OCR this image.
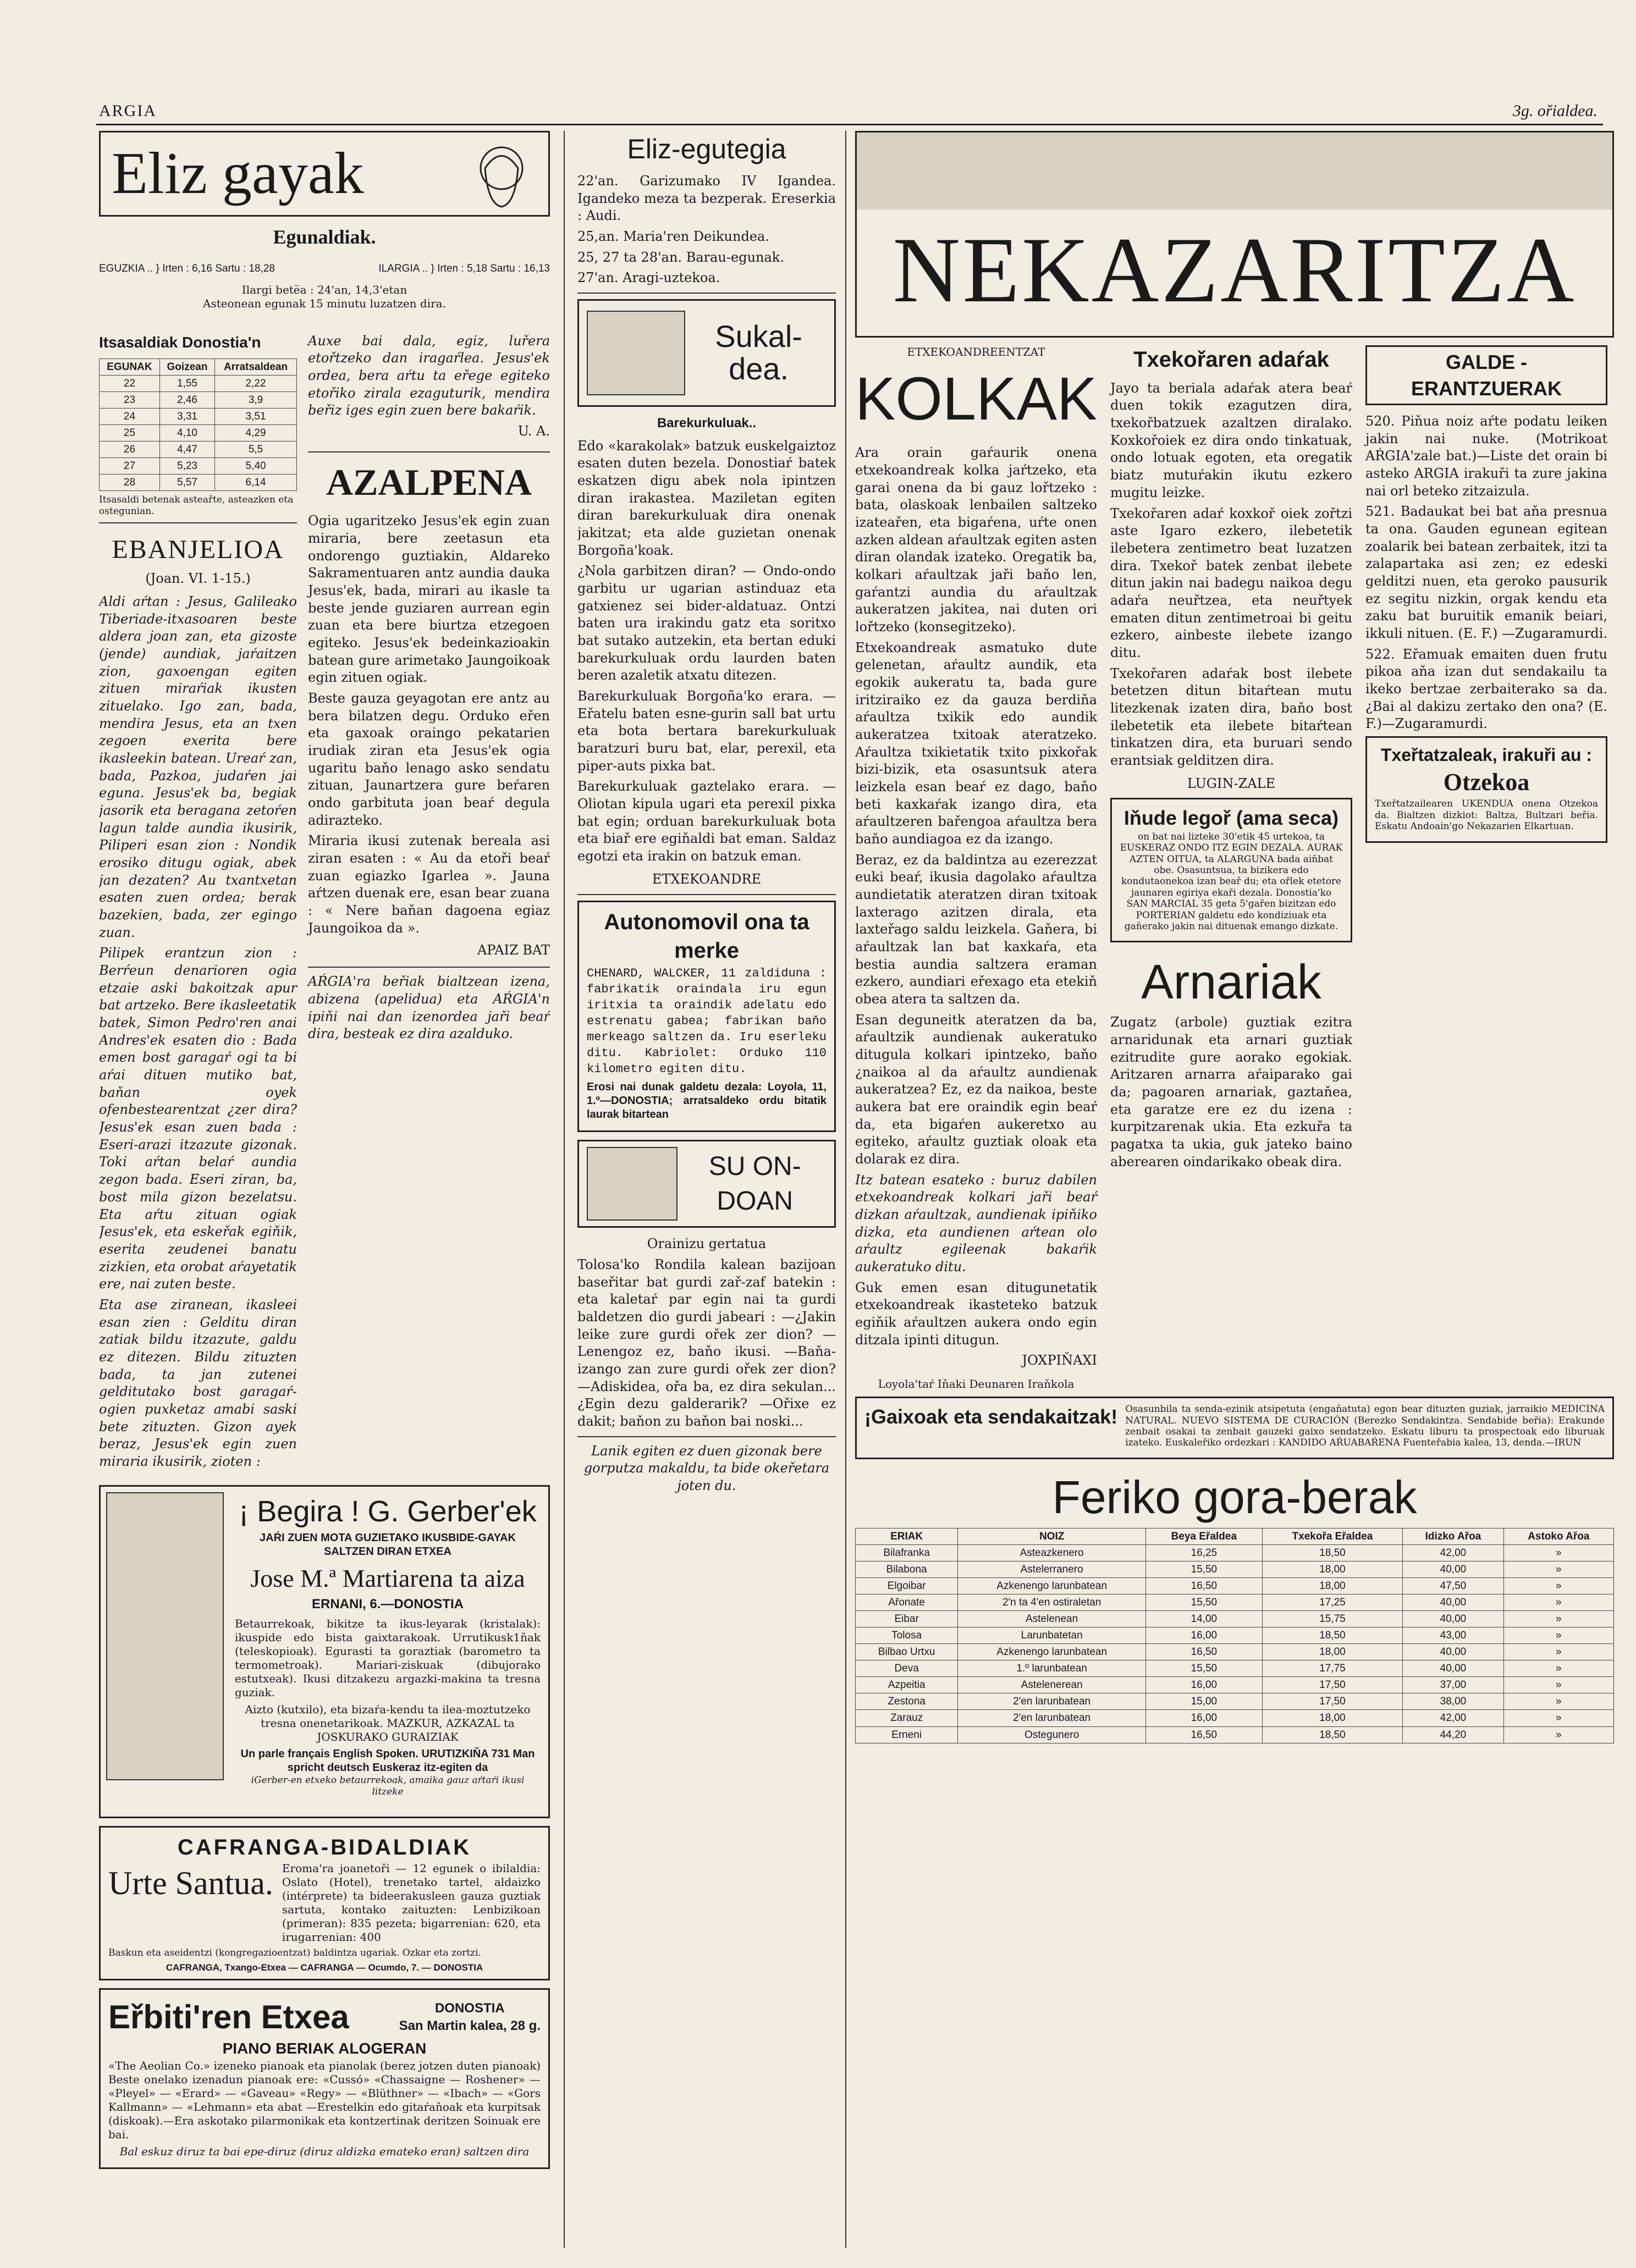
ARGIA	3g. ořialdea.
Eliz gayak
Egunaldiak.
EGUZKIA .. } Irten : 6,16 Sartu : 18,28	ILARGIA .. } Irten : 5,18 Sartu : 16,13
Ilargi bete̅a : 24'an, 14,3'etan
Asteonean egunak 15 minutu luzatzen dira.
Itsasaldiak Donostia'n
EGUNAK	Goizean	Arratsaldean
22	1,55	2,22
23	2,46	3,9
24	3,31	3,51
25	4,10	4,29
26	4,47	5,5
27	5,23	5,40
28	5,57	6,14
Itsasaldi betenak asteařte, asteazken eta ostegunian.
EBANJELIOA
(Joan. VI. 1-15.)

Aldi aŕtan : Jesus, Galileako Tiberiade-itxasoaren beste aldera joan zan, eta gizoste (jende) aundiak, jaŕaitzen zion, gaxoengan egiten zituen miraŕiak ikusten zituelako. Igo zan, bada, mendira Jesus, eta an txen zegoen exerita bere ikasleekin batean. Ureaŕ zan, bada, Pazkoa, judaŕen jai eguna. Jesus'ek ba, begiak jasorik eta beragana zetoŕen lagun talde aundia ikusirik, Piliperi esan zion : Nondik erosiko ditugu ogiak, abek jan dezaten? Au txantxetan esaten zuen ordea; berak bazekien, bada, zer egingo zuan.

Pilipek erantzun zion : Berŕeun denarioren ogia etzaie aski bakoitzak apur bat artzeko. Bere ikasleetatik batek, Simon Pedro'ren anai Andres'ek esaten dio : Bada emen bost garagaŕ ogi ta bi aŕai dituen mutiko bat, baňan oyek ofenbestearentzat ¿zer dira? Jesus'ek esan zuen bada : Eseri-arazi itzazute gizonak. Toki aŕtan belaŕ aundia zegon bada. Eseri ziran, ba, bost mila gizon bezelatsu. Eta aŕtu zituan ogiak Jesus'ek, eta eskeřak egiňik, eserita zeudenei banatu zizkien, eta orobat aŕayetatik ere, nai zuten beste.

Eta ase ziranean, ikasleei esan zien : Gelditu diran zatiak bildu itzazute, galdu ez ditezen. Bildu zituzten bada, ta jan zutenei gelditutako bost garagaŕ-ogien puxketaz amabi saski bete zituzten. Gizon ayek beraz, Jesus'ek egin zuen miraria ikusirik, zioten :

Auxe bai dala, egiz, luřera etořtzeko dan iragaŕlea. Jesus'ek ordea, bera aŕtu ta eřege egiteko etořiko zirala ezaguturik, mendira beřiz iges egin zuen bere bakaŕik.

U. A.
AZALPENA

Ogia ugaritzeko Jesus'ek egin zuan miraria, bere zeetasun eta ondorengo guztiakin, Aldareko Sakramentuaren antz aundia dauka Jesus'ek, bada, mirari au ikasle ta beste jende guziaren aurrean egin zuan eta bere biurtza etzegoen egiteko. Jesus'ek bedeinkazioakin batean gure arimetako Jaungoikoak egin zituen ogiak.

Beste gauza geyagotan ere antz au bera bilatzen degu. Orduko eřen eta gaxoak oraingo pekatarien irudiak ziran eta Jesus'ek ogia ugaritu baňo lenago asko sendatu zituan, Jaunartzera gure beŕaren ondo garbituta joan beaŕ degula adirazteko.

Miraria ikusi zutenak bereala asi ziran esaten : « Au da etoři beaŕ zuan egiazko Igarlea ». Jauna aŕtzen duenak ere, esan bear zuana : « Nere baňan dagoena egiaz Jaungoikoa da ».

APAIZ BAT

AŔGIA'ra beřiak bialtzean izena, abizena (apelidua) eta AŔGIA'n ipiňi nai dan izenordea jaři beaŕ dira, besteak ez dira azalduko.

¡ Begira ! G. Gerber'ek
JAŔI ZUEN MOTA GUZIETAKO IKUSBIDE-GAYAK SALTZEN DIRAN ETXEA
Jose M.ª Martiarena ta aiza
ERNANI, 6.—DONOSTIA

Betaurrekoak, bikitze ta ikus-leyarak (kristalak): ikuspide edo bista gaixtarakoak. Urrutikusk1ňak (teleskopioak). Egurasti ta goraztiak (barometro ta termometroak). Mariari-ziskuak (dibujorako estutxeak). Ikusi ditzakezu argazki-makina ta tresna guziak.

Aizto (kutxilo), eta bizaŕa-kendu ta ilea-moztutzeko tresna onenetarikoak. MAZKUR, AZKAZAL ta JOSKURAKO GURAIZIAK

Un parle français English Spoken. URUTIZKIŇA 731 Man spricht deutsch Euskeraz itz-egiten da
iGerber-en etxeko betaurrekoak, amaika gauz aŕtaŕi ikusi litzeke
CAFRANGA-BIDALDIAK
Urte Santua. Eroma'ra joanetoři — 12 egunek o ibilaldia: Oslato (Hotel), trenetako tartel, aldaizko (intérprete) ta bideerakusleen gauza guztiak sartuta, kontako zaituzten: Lenbizikoan (primeran): 835 pezeta; bigarrenian: 620, eta irugarrenian: 400

Baskun eta aseidentzi (kongregazioentzat) baldintza ugariak. Ozkar eta zortzi.

CAFRANGA, Txango-Etxea — CAFRANGA — Ocumdo, 7. — DONOSTIA
Eřbiti'ren Etxea	DONOSTIA
San Martin kalea, 28 g.
PIANO BERIAK ALOGERAN

«The Aeolian Co.» izeneko pianoak eta pianolak (berez jotzen duten pianoak) Beste onelako izenadun pianoak ere: «Cussó» «Chassaigne — Roshener» — «Pleyel» — «Erard» — «Gaveau» «Regy» — «Blüthner» — «Ibach» — «Gors Kallmann» — «Lehmann» eta abat —Erestelkin edo gitaŕaňoak eta kurpitsak (diskoak).—Era askotako pilarmonikak eta kontzertinak deritzen Soinuak ere bai.

Bal eskuz diruz ta bai epe-diruz (diruz aldizka emateko eran) saltzen dira

Eliz-egutegia

22'an. Garizumako IV Igandea. Igandeko meza ta bezperak. Ereserkia : Audi.

25,an. Maria'ren Deikundea.

25, 27 ta 28'an. Barau-egunak.

27'an. Aragi-uztekoa.

Sukal-dea.
Barekurkuluak..

Edo «karakolak» batzuk euskelgaiztoz esaten duten bezela. Donostiaŕ batek eskatzen digu abek nola ipintzen diran irakastea. Maziletan egiten diran barekurkuluak dira onenak jakitzat; eta alde guzietan onenak Borgoña'koak.

¿Nola garbitzen diran? — Ondo-ondo garbitu ur ugarian astinduaz eta gatxienez sei bider-aldatuaz. Ontzi baten ura irakindu gatz eta soritxo bat sutako autzekin, eta bertan eduki barekurkuluak ordu laurden baten beren azaletik atxatu ditezen.

Barekurkuluak Borgoña'ko erara. —Eřatelu baten esne-gurin sall bat urtu eta bota bertara barekurkuluak baratzuri buru bat, elar, perexil, eta piper-auts pixka bat.

Barekurkuluak gaztelako erara. — Oliotan kipula ugari eta perexil pixka bat egin; orduan barekurkuluak bota eta biař ere egiňaldi bat eman. Saldaz egotzi eta irakin on batzuk eman.

ETXEKOANDRE
Autonomovil ona ta merke

CHENARD, WALCKER, 11 zaldiduna : fabrikatik oraindala iru egun iritxia ta oraindik adelatu edo estrenatu gabea; fabrikan baňo merkeago saltzen da. Iru eserleku ditu. Kabriolet: Orduko 110 kilometro egiten ditu.

Erosi nai dunak galdetu dezala: Loyola, 11, 1.º—DONOSTIA; arratsaldeko ordu bitatik laurak bitartean

SU ON-DOAN
Orainizu gertatua

Tolosa'ko Rondila kalean bazijoan baseřitar bat gurdi zař-zaf batekin : eta kaletaŕ par egin nai ta gurdi baldetzen dio gurdi jabeari : —¿Jakin leike zure gurdi ořek zer dion? — Lenengoz ez, baňo ikusi. —Baňa-izango zan zure gurdi ořek zer dion? —Adiskidea, ořa ba, ez dira sekulan... ¿Egin dezu galderarik? —Ořixe ez dakit; baňon zu baňon bai noski...

Lanik egiten ez duen gizonak bere gorputza makaldu, ta bide okeřetara joten du.

NEKAZARITZA
ETXEKOANDREENTZAT
KOLKAK

Ara orain gaŕaurik onena etxekoandreak kolka jaŕtzeko, eta garai onena da bi gauz lořtzeko : bata, olaskoak lenbailen saltzeko izateařen, eta bigaŕena, uŕte onen azken aldean aŕaultzak egiten asten diran olandak izateko. Oregatik ba, kolkari aŕaultzak jaři baňo len, gaŕantzi aundia du aŕaultzak aukeratzen jakitea, nai duten ori lořtzeko (konsegitzeko).

Etxekoandreak asmatuko dute gelenetan, aŕaultz aundik, eta egokik aukeratu ta, bada gure iritziraiko ez da gauza berdiňa aŕaultza txikik edo aundik aukeratzea txitoak ateratzeko. Aŕaultza txikietatik txito pixkořak bizi-bizik, eta osasuntsuk atera leizkela esan beaŕ ez dago, baňo beti kaxkaŕak izango dira, eta aŕaultzeren bařengoa aŕaultza bera baňo aundiagoa ez da izango.

Beraz, ez da baldintza au ezerezzat euki beaŕ, ikusia dagolako aŕaultza aundietatik ateratzen diran txitoak laxterago azitzen dirala, eta laxteřago saldu leizkela. Gaňera, bi aŕaultzak lan bat kaxkaŕa, eta bestia aundia saltzera eraman ezkero, aundiari eřexago eta etekiň obea atera ta saltzen da.

Esan deguneitk ateratzen da ba, aŕaultzik aundienak aukeratuko ditugula kolkari ipintzeko, baňo ¿naikoa al da aŕaultz aundienak aukeratzea? Ez, ez da naikoa, beste aukera bat ere oraindik egin beaŕ da, eta bigaŕen aukeretxo au egiteko, aŕaultz guztiak oloak eta dolarak ez dira.

Itz batean esateko : buruz dabilen etxekoandreak kolkari jaři beaŕ dizkan aŕaultzak, aundienak ipiňiko dizka, eta aundienen aŕtean olo aŕaultz egileenak bakaŕik aukeratuko ditu.

Guk emen esan ditugunetatik etxekoandreak ikasteteko batzuk egiňik aŕaultzen aukera ondo egin ditzala ipinti ditugun.

JOXPIŇAXI
Loyola'taŕ Iňaki Deunaren Iraňkola
Txekořaren adaŕak

Jayo ta beriala adaŕak atera beaŕ duen tokik ezagutzen dira, txekořbatzuek azaltzen diralako. Koxkořoiek ez dira ondo tinkatuak, ondo lotuak egoten, eta oregatik biatz mutuŕakin ikutu ezkero mugitu leizke.

Txekořaren adaŕ koxkoř oiek zořtzi aste Igaro ezkero, ilebetetik ilebetera zentimetro beat luzatzen dira. Txekoř batek zenbat ilebete ditun jakin nai badegu naikoa degu adaŕa neuřtzea, eta neuřtyek ematen ditun zentimetroai bi geitu ezkero, ainbeste ilebete izango ditu.

Txekořaren adaŕak bost ilebete betetzen ditun bitaŕtean mutu litezkenak izaten dira, baňo bost ilebetetik eta ilebete bitaŕtean tinkatzen dira, eta buruari sendo erantsiak gelditzen dira.

LUGIN-ZALE
Iňude legoř (ama seca)

on bat nai lizteke 30'etik 45 urtekoa, ta EUSKERAZ ONDO ITZ EGIN DEZALA. AURAK AZTEN OITUA, ta ALARGUNA bada aiňbat obe. Osasuntsua, ta bizikera edo kondutaonekoa izan beař du; eta ořlek etetore jaunaren egiriya ekaři dezala. Donostia'ko SAN MARCIAL 35 geta 5'gařen bizitzan edo PORTERIAN galdetu edo kondiziuak eta gaňerako jakin nai dituenak emango dizkate.

Arnariak

Zugatz (arbole) guztiak ezitra arnaridunak eta arnari guztiak ezitrudite gure aorako egokiak. Aritzaren arnarra aŕaiparako gai da; pagoaren arnariak, gaztaňea, eta garatze ere ez du izena : kurpitzarenak ukia. Eta ezkuřa ta pagatxa ta ukia, guk jateko baino aberearen oindarikako obeak dira.

GALDE - ERANTZUERAK

520. Piňua noiz aŕte podatu leiken jakin nai nuke. (Motrikoat AŔGIA'zale bat.)—Liste det orain bi asteko ARGIA irakuři ta zure jakina nai orl beteko zitzaizula.

521. Badaukat bei bat aňa presnua ta ona. Gauden egunean egitean zoalarik bei batean zerbaitek, itzi ta zalapartaka asi zen; ez edeski gelditzi nuen, eta geroko pausurik ez segitu nizkin, orgak kendu eta zaku bat buruitik emanik beiari, ikkuli nituen. (E. F.) —Zugaramurdi.

522. Eřamuak emaiten duen frutu pikoa aňa izan dut sendakailu ta ikeko bertzae zerbaiterako sa da. ¿Bai al dakizu zertako den ona? (E. F.)—Zugaramurdi.

Txeřtatzaleak, irakuři au :
Otzekoa

Txeřtatzailearen UKENDUA onena Otzekoa da. Bialtzen dizkiot: Baltza, Bultzari beřia. Eskatu Andoain'go Nekazarien Elkartuan.

¡Gaixoak eta sendakaitzak! Osasunbila ta senda-ezinik atsipetuta (engaňatuta) egon bear dituzten guziak, jarraikio MEDICINA NATURAL. NUEVO SISTEMA DE CURACIÓN (Berezko Sendakintza. Sendabide beřia): Erakunde zenbait osakai ta zenbait gauzeki gaixo sendatzeko. Eskatu liburu ta prospectoak edo liburuak izateko. Euskaleřiko ordezkari : KANDIDO AŔUABAŔENA Fuenteřabia kalea, 13, denda.—IRUN

Feriko gora-berak
ERIAK	NOIZ	Beya Eřaldea	Txekořa Eřaldea	Idizko Ařoa	Astoko Ařoa
Bilafranka	Asteazkenero	16,25	18,50	42,00	»
Bilabona	Astelerranero	15,50	18,00	40,00	»
Elgoibar	Azkenengo larunbatean	16,50	18,00	47,50	»
Ařonate	2'n ta 4'en ostiraletan	15,50	17,25	40,00	»
Eibar	Astelenean	14,00	15,75	40,00	»
Tolosa	Larunbatetan	16,00	18,50	43,00	»
Bilbao Urtxu	Azkenengo larunbatean	16,50	18,00	40,00	»
Deva	1.º larunbatean	15,50	17,75	40,00	»
Azpeitia	Astelenerean	16,00	17,50	37,00	»
Zestona	2'en larunbatean	15,00	17,50	38,00	»
Zarauz	2'en larunbatean	16,00	18,00	42,00	»
Erneni	Ostegunero	16,50	18,50	44,20	»
